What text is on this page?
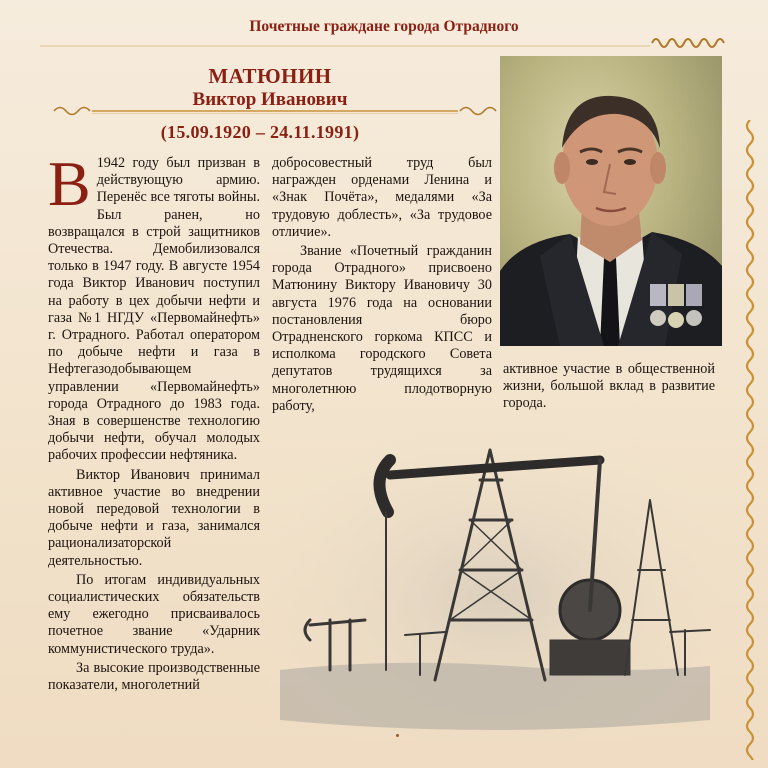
Почетные граждане города Отрадного
МАТЮНИН
Виктор Иванович
(15.09.1920 – 24.11.1991)

В 1942 году был призван в действующую армию. Перенёс все тяготы войны. Был ранен, но возвращался в строй защитников Отечества. Демобилизовался только в 1947 году. В августе 1954 года Виктор Иванович поступил на работу в цех добычи нефти и газа №1 НГДУ «Первомайнефть» г. Отрадного. Работал оператором по добыче нефти и газа в Нефтегазодобывающем управлении «Первомайнефть» города Отрадного до 1983 года. Зная в совершенстве технологию добычи нефти, обучал молодых рабочих профессии нефтяника.

Виктор Иванович принимал активное участие во внедрении новой передовой технологии в добыче нефти и газа, занимался рационализаторской деятельностью.

По итогам индивидуальных социалистических обязательств ему ежегодно присваивалось почетное звание «Ударник коммунистического труда».

За высокие производственные показатели, многолетний

добросовестный труд был награжден орденами Ленина и «Знак Почёта», медалями «За трудовую доблесть», «За трудовое отличие».

Звание «Почетный гражданин города Отрадного» присвоено Матюнину Виктору Ивановичу 30 августа 1976 года на основании постановления бюро Отрадненского горкома КПСС и исполкома городского Совета депутатов трудящихся за многолетнюю плодотворную работу,

активное участие в общественной жизни, большой вклад в развитие города.
